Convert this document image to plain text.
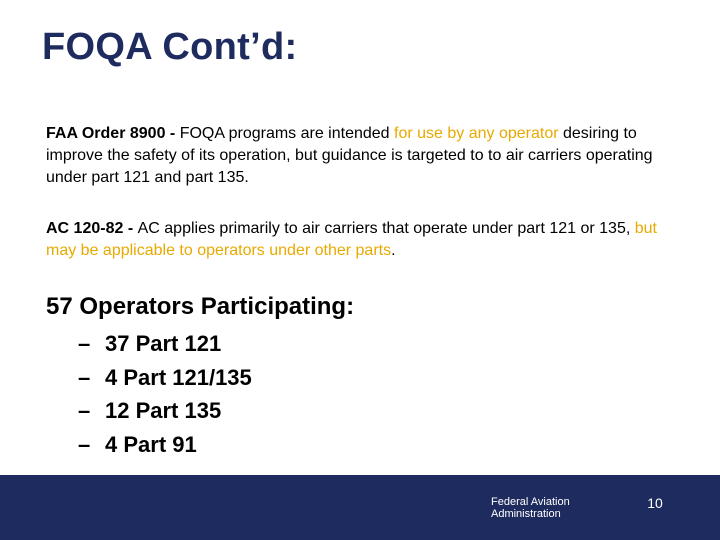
FOQA Cont’d:
FAA Order 8900 - FOQA programs are intended for use by any operator desiring to improve the safety of its operation, but guidance is targeted to to air carriers operating under part 121 and part 135.
AC 120-82 - AC applies primarily to air carriers that operate under part 121 or 135, but may be applicable to operators under other parts.
57 Operators Participating:
– 37 Part 121
– 4 Part 121/135
– 12 Part 135
– 4 Part 91
Federal Aviation
Administration
10
